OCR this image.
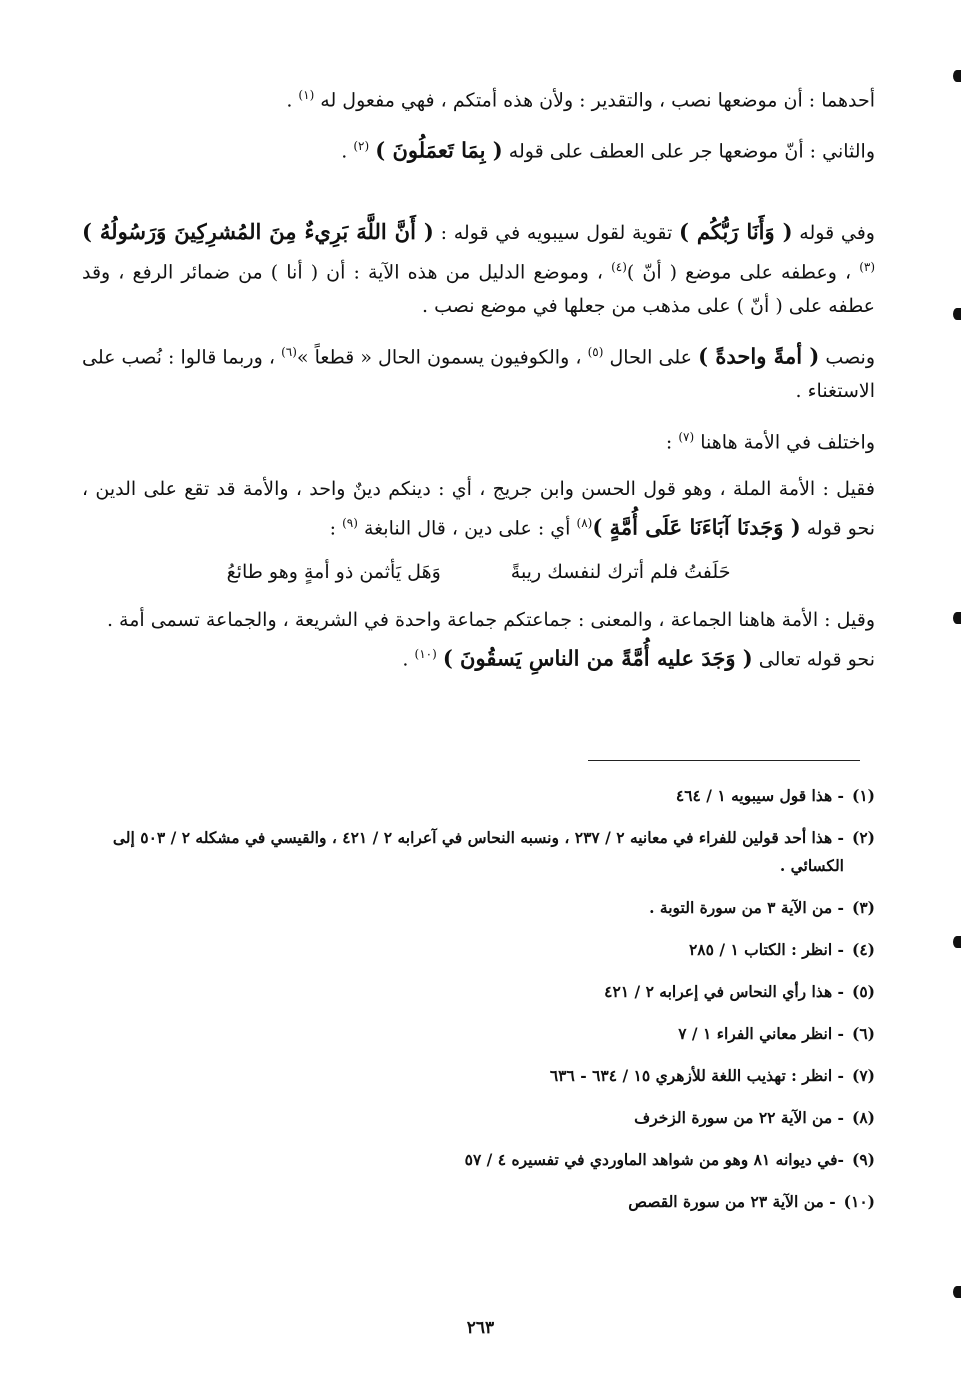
أحدهما : أن موضعها نصب ، والتقدير : ولأن هذه أمتكم ، فهي مفعول له $^{(١)}$ .

والثاني : أنّ موضعها جر على العطف على قوله ( بِمَا تَعمَلُونَ ) $^{(٢)}$ .

وفي قوله ( وَأَنَا رَبُّكُم ) تقوية لقول سيبويه في قوله : ( أَنَّ اللَّهَ بَرِيءٌ مِنَ المُشرِكِينَ وَرَسُولُهُ )$^{(٣)}$ ، وعطفه على موضع ( أنّ )$^{(٤)}$ ، وموضع الدليل من هذه الآية : أن ( أنا ) من ضمائر الرفع ، وقد عطفه على ( أنّ ) على مذهب من جعلها في موضع نصب .

ونصب ( أمةً واحدةً ) على الحال $^{(٥)}$ ، والكوفيون يسمون الحال « قطعاً »$^{(٦)}$ ، وربما قالوا : نُصب على الاستغناء .

واختلف في الأمة هاهنا $^{(٧)}$ :

فقيل : الأمة الملة ، وهو قول الحسن وابن جريج ، أي : دينكم دينٌ واحد ، والأمة قد تقع على الدين ، نحو قوله ( وَجَدنَا آبَاءَنَا عَلَى أُمَّةٍ )$^{(٨)}$ أي : على دين ، قال النابغة $^{(٩)}$ :

حَلَفتُ فلم أترك لنفسك ريبةً
وَهَل يَأثمن ذو أمةٍ وهو طائعُ

وقيل : الأمة هاهنا الجماعة ، والمعنى : جماعتكم جماعة واحدة في الشريعة ، والجماعة تسمى أمة .

نحو قوله تعالى ( وَجَدَ عليه أُمَّةً من الناسِ يَسقُونَ ) $^{(١٠)}$ .

(١)
- هذا قول سيبويه ١ / ٤٦٤
(٢)
- هذا أحد قولين للفراء في معانيه ٢ / ٢٣٧ ، ونسبه النحاس في آعرابه ٢ / ٤٢١ ، والقيسي في مشكله ٢ / ٥٠٣ إلى الكسائي .
(٣)
- من الآية ٣ من سورة التوبة .
(٤)
- انظر : الكتاب ١ / ٢٨٥
(٥)
- هذا رأي النحاس في إعرابه ٢ / ٤٢١
(٦)
- انظر معاني الفراء ١ / ٧
(٧)
- انظر : تهذيب اللغة للأزهري ١٥ / ٦٣٤ - ٦٣٦
(٨)
- من الآية ٢٢ من سورة الزخرف
(٩)
-في ديوانه ٨١ وهو من شواهد الماوردي في تفسيره ٤ / ٥٧
(١٠)
- من الآية ٢٣ من سورة القصص
٢٦٣
